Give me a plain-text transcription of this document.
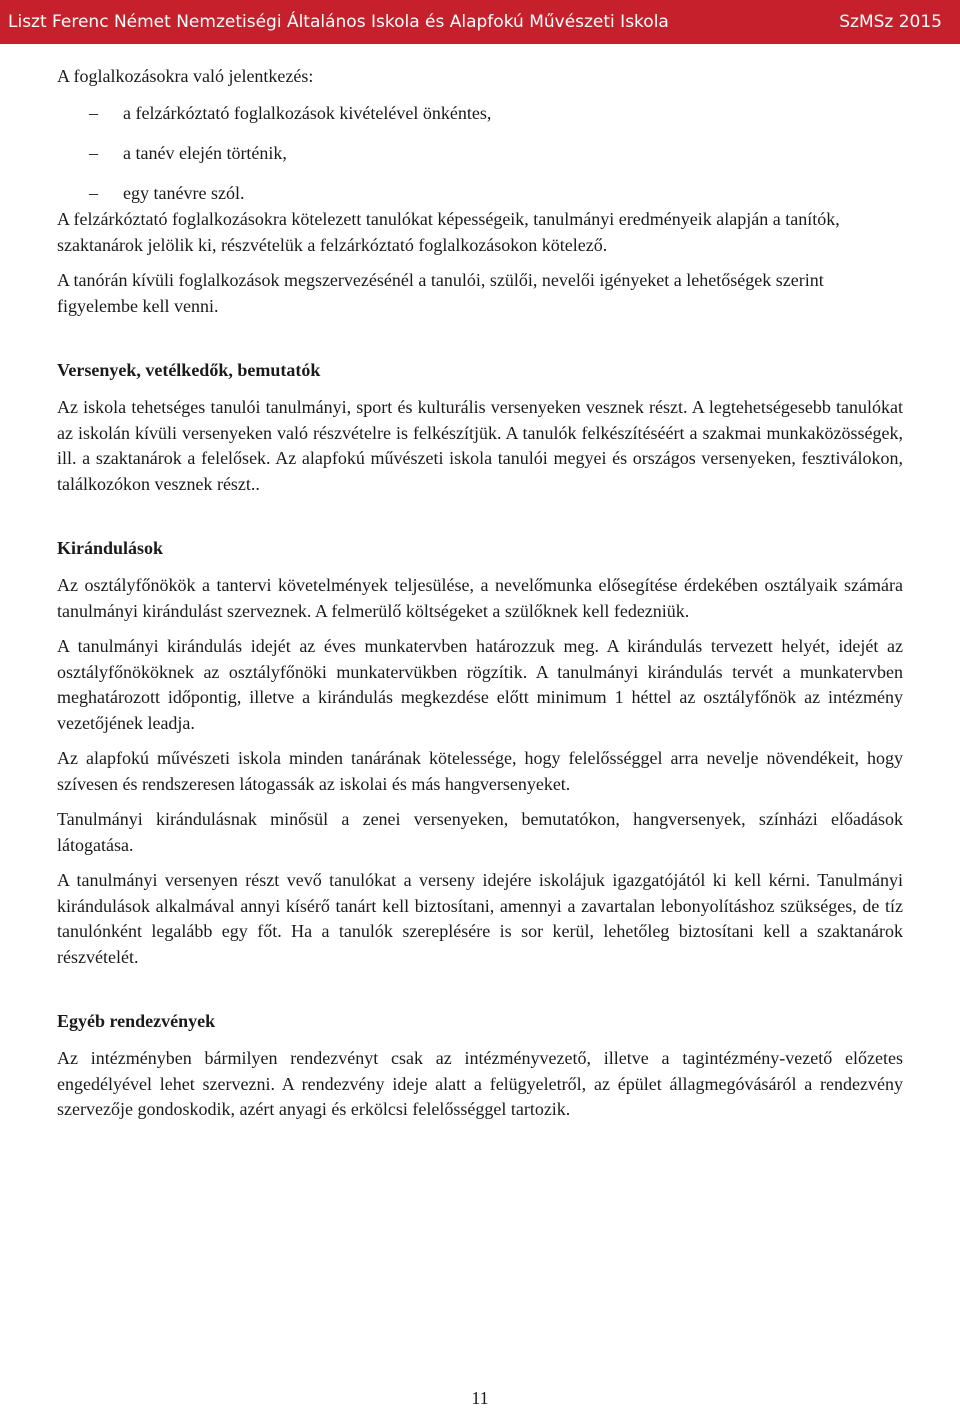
Liszt Ferenc Német Nemzetiségi Általános Iskola és Alapfokú Művészeti Iskola	SzMSz 2015

A foglalkozásokra való jelentkezés:

– a felzárkóztató foglalkozások kivételével önkéntes,
– a tanév elején történik,
– egy tanévre szól.

A felzárkóztató foglalkozásokra kötelezett tanulókat képességeik, tanulmányi eredményeik alapján a tanítók, szaktanárok jelölik ki, részvételük a felzárkóztató foglalkozásokon kötelező.

A tanórán kívüli foglalkozások megszervezésénél a tanulói, szülői, nevelői igényeket a lehetőségek szerint figyelembe kell venni.

Versenyek, vetélkedők, bemutatók

Az iskola tehetséges tanulói tanulmányi, sport és kulturális versenyeken vesznek részt. A legtehetségesebb tanulókat az iskolán kívüli versenyeken való részvételre is felkészítjük. A tanulók felkészítéséért a szakmai munkaközösségek, ill. a szaktanárok a felelősek. Az alapfokú művészeti iskola tanulói megyei és országos versenyeken, fesztiválokon, találkozókon vesznek részt..

Kirándulások

Az osztályfőnökök a tantervi követelmények teljesülése, a nevelőmunka elősegítése érdekében osztályaik számára tanulmányi kirándulást szerveznek. A felmerülő költségeket a szülőknek kell fedezniük.

A tanulmányi kirándulás idejét az éves munkatervben határozzuk meg. A kirándulás tervezett helyét, idejét az osztályfőnököknek az osztályfőnöki munkatervükben rögzítik. A tanulmányi kirándulás tervét a munkatervben meghatározott időpontig, illetve a kirándulás megkezdése előtt minimum 1 héttel az osztályfőnök az intézmény vezetőjének leadja.

Az alapfokú művészeti iskola minden tanárának kötelessége, hogy felelősséggel arra nevelje növendékeit, hogy szívesen és rendszeresen látogassák az iskolai és más hangversenyeket.

Tanulmányi kirándulásnak minősül a zenei versenyeken, bemutatókon, hangversenyek, színházi előadások látogatása.

A tanulmányi versenyen részt vevő tanulókat a verseny idejére iskolájuk igazgatójától ki kell kérni. Tanulmányi kirándulások alkalmával annyi kísérő tanárt kell biztosítani, amennyi a zavartalan lebonyolításhoz szükséges, de tíz tanulónként legalább egy főt. Ha a tanulók szereplésére is sor kerül, lehetőleg biztosítani kell a szaktanárok részvételét.

Egyéb rendezvények

Az intézményben bármilyen rendezvényt csak az intézményvezető, illetve a tagintézmény-vezető előzetes engedélyével lehet szervezni. A rendezvény ideje alatt a felügyeletről, az épület állagmegóvásáról a rendezvény szervezője gondoskodik, azért anyagi és erkölcsi felelősséggel tartozik.

11
